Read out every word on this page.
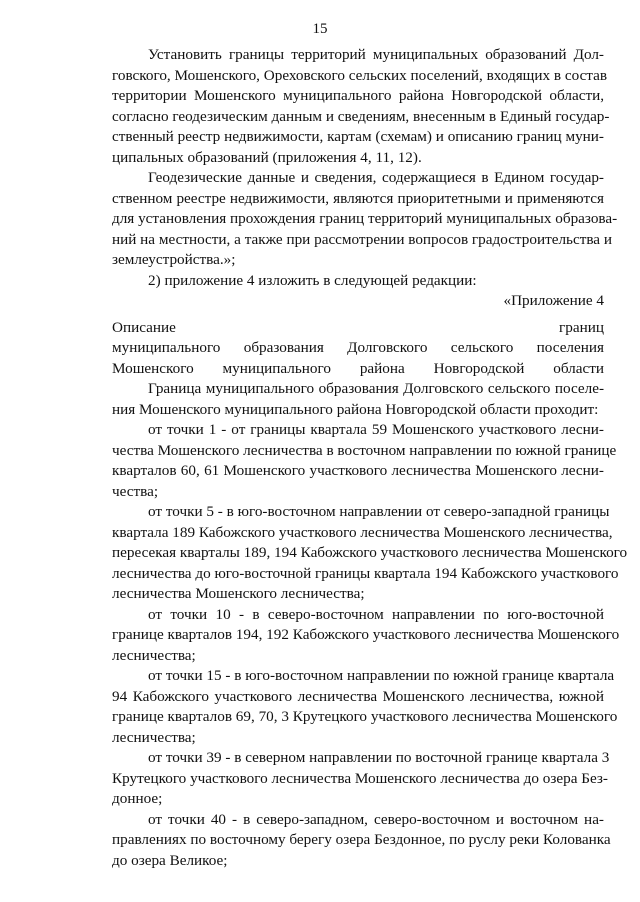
15

Установить границы территорий муниципальных образований Дол-
говского, Мошенского, Ореховского сельских поселений, входящих в состав
территории Мошенского муниципального района Новгородской области,
согласно геодезическим данным и сведениям, внесенным в Единый государ-
ственный реестр недвижимости, картам (схемам) и описанию границ муни-
ципальных образований (приложения 4, 11, 12).

Геодезические данные и сведения, содержащиеся в Едином государ-
ственном реестре недвижимости, являются приоритетными и применяются
для установления прохождения границ территорий муниципальных образова-
ний на местности, а также при рассмотрении вопросов градостроительства и
землеустройства.»;

2) приложение 4 изложить в следующей редакции:

«Приложение 4

Описание границ
муниципального образования Долговского сельского поселения
Мошенского муниципального района Новгородской области

Граница муниципального образования Долговского сельского поселе-
ния Мошенского муниципального района Новгородской области проходит:

от точки 1 - от границы квартала 59 Мошенского участкового лесни-
чества Мошенского лесничества в восточном направлении по южной границе
кварталов 60, 61 Мошенского участкового лесничества Мошенского лесни-
чества;

от точки 5 - в юго-восточном направлении от северо-западной границы
квартала 189 Кабожского участкового лесничества Мошенского лесничества,
пересекая кварталы 189, 194 Кабожского участкового лесничества Мошенского
лесничества до юго-восточной границы квартала 194 Кабожского участкового
лесничества Мошенского лесничества;

от точки 10 - в северо-восточном направлении по юго-восточной
границе кварталов 194, 192 Кабожского участкового лесничества Мошенского
лесничества;

от точки 15 - в юго-восточном направлении по южной границе квартала
94 Кабожского участкового лесничества Мошенского лесничества, южной
границе кварталов 69, 70, 3 Крутецкого участкового лесничества Мошенского
лесничества;

от точки 39 - в северном направлении по восточной границе квартала 3
Крутецкого участкового лесничества Мошенского лесничества до озера Без-
донное;

от точки 40 - в северо-западном, северо-восточном и восточном на-
правлениях по восточному берегу озера Бездонное, по руслу реки Колованка
до озера Великое;
